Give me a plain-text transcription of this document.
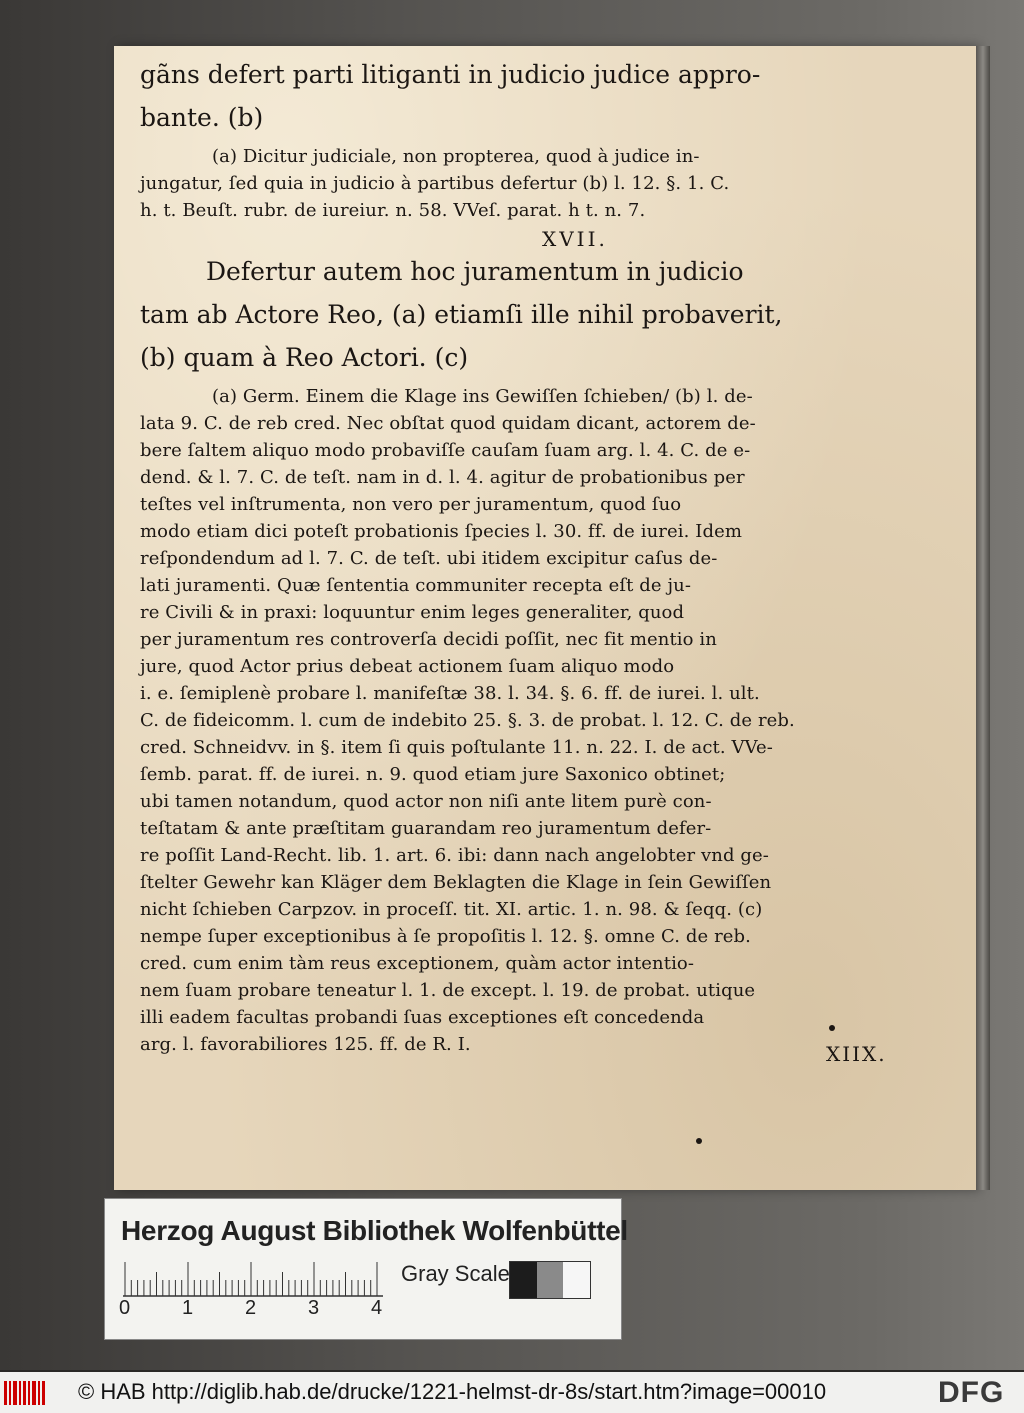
gãns defert parti litiganti in judicio judice appro-
bante. (b)
(a) Dicitur judiciale, non propterea, quod à judice in-
jungatur, ſed quia in judicio à partibus defertur (b) l. 12. §. 1. C.
h. t. Beuſt. rubr. de iureiur. n. 58. VVeſ. parat. h t. n. 7.
XVII.
Defertur autem hoc juramentum in judicio
tam ab Actore Reo, (a) etiamſi ille nihil probaverit,
(b) quam à Reo Actori. (c)
(a) Germ. Einem die Klage ins Gewiſſen ſchieben/ (b) l. de-
lata 9. C. de reb cred. Nec obſtat quod quidam dicant, actorem de-
bere ſaltem aliquo modo probaviſſe cauſam ſuam arg. l. 4. C. de e-
dend. & l. 7. C. de teſt. nam in d. l. 4. agitur de probationibus per
teſtes vel inſtrumenta, non vero per juramentum, quod ſuo
modo etiam dici poteſt probationis ſpecies l. 30. ff. de iurei. Idem
reſpondendum ad l. 7. C. de teſt. ubi itidem excipitur caſus de-
lati juramenti. Quæ ſententia communiter recepta eſt de ju-
re Civili & in praxi: loquuntur enim leges generaliter, quod
per juramentum res controverſa decidi poſſit, nec fit mentio in
jure, quod Actor prius debeat actionem ſuam aliquo modo
i. e. ſemiplenè probare l. manifeſtæ 38. l. 34. §. 6. ff. de iurei. l. ult.
C. de fideicomm. l. cum de indebito 25. §. 3. de probat. l. 12. C. de reb.
cred. Schneidvv. in §. item ſi quis poſtulante 11. n. 22. I. de act. VVe-
ſemb. parat. ff. de iurei. n. 9. quod etiam jure Saxonico obtinet;
ubi tamen notandum, quod actor non niſi ante litem purè con-
teſtatam & ante præſtitam guarandam reo juramentum defer-
re poſſit Land-Recht. lib. 1. art. 6. ibi: dann nach angelobter vnd ge-
ſtelter Gewehr kan Kläger dem Beklagten die Klage in ſein Gewiſſen
nicht ſchieben Carpzov. in proceſſ. tit. XI. artic. 1. n. 98. & ſeqq. (c)
nempe ſuper exceptionibus à ſe propoſitis l. 12. §. omne C. de reb.
cred. cum enim tàm reus exceptionem, quàm actor intentio-
nem ſuam probare teneatur l. 1. de except. l. 19. de probat. utique
illi eadem facultas probandi ſuas exceptiones eſt concedenda
arg. l. favorabiliores 125. ff. de R. I.	XIIX.
Herzog August Bibliothek Wolfenbüttel
0	1	2	3	4
Gray Scale
© HAB http://diglib.hab.de/drucke/1221-helmst-dr-8s/start.htm?image=00010	DFG
